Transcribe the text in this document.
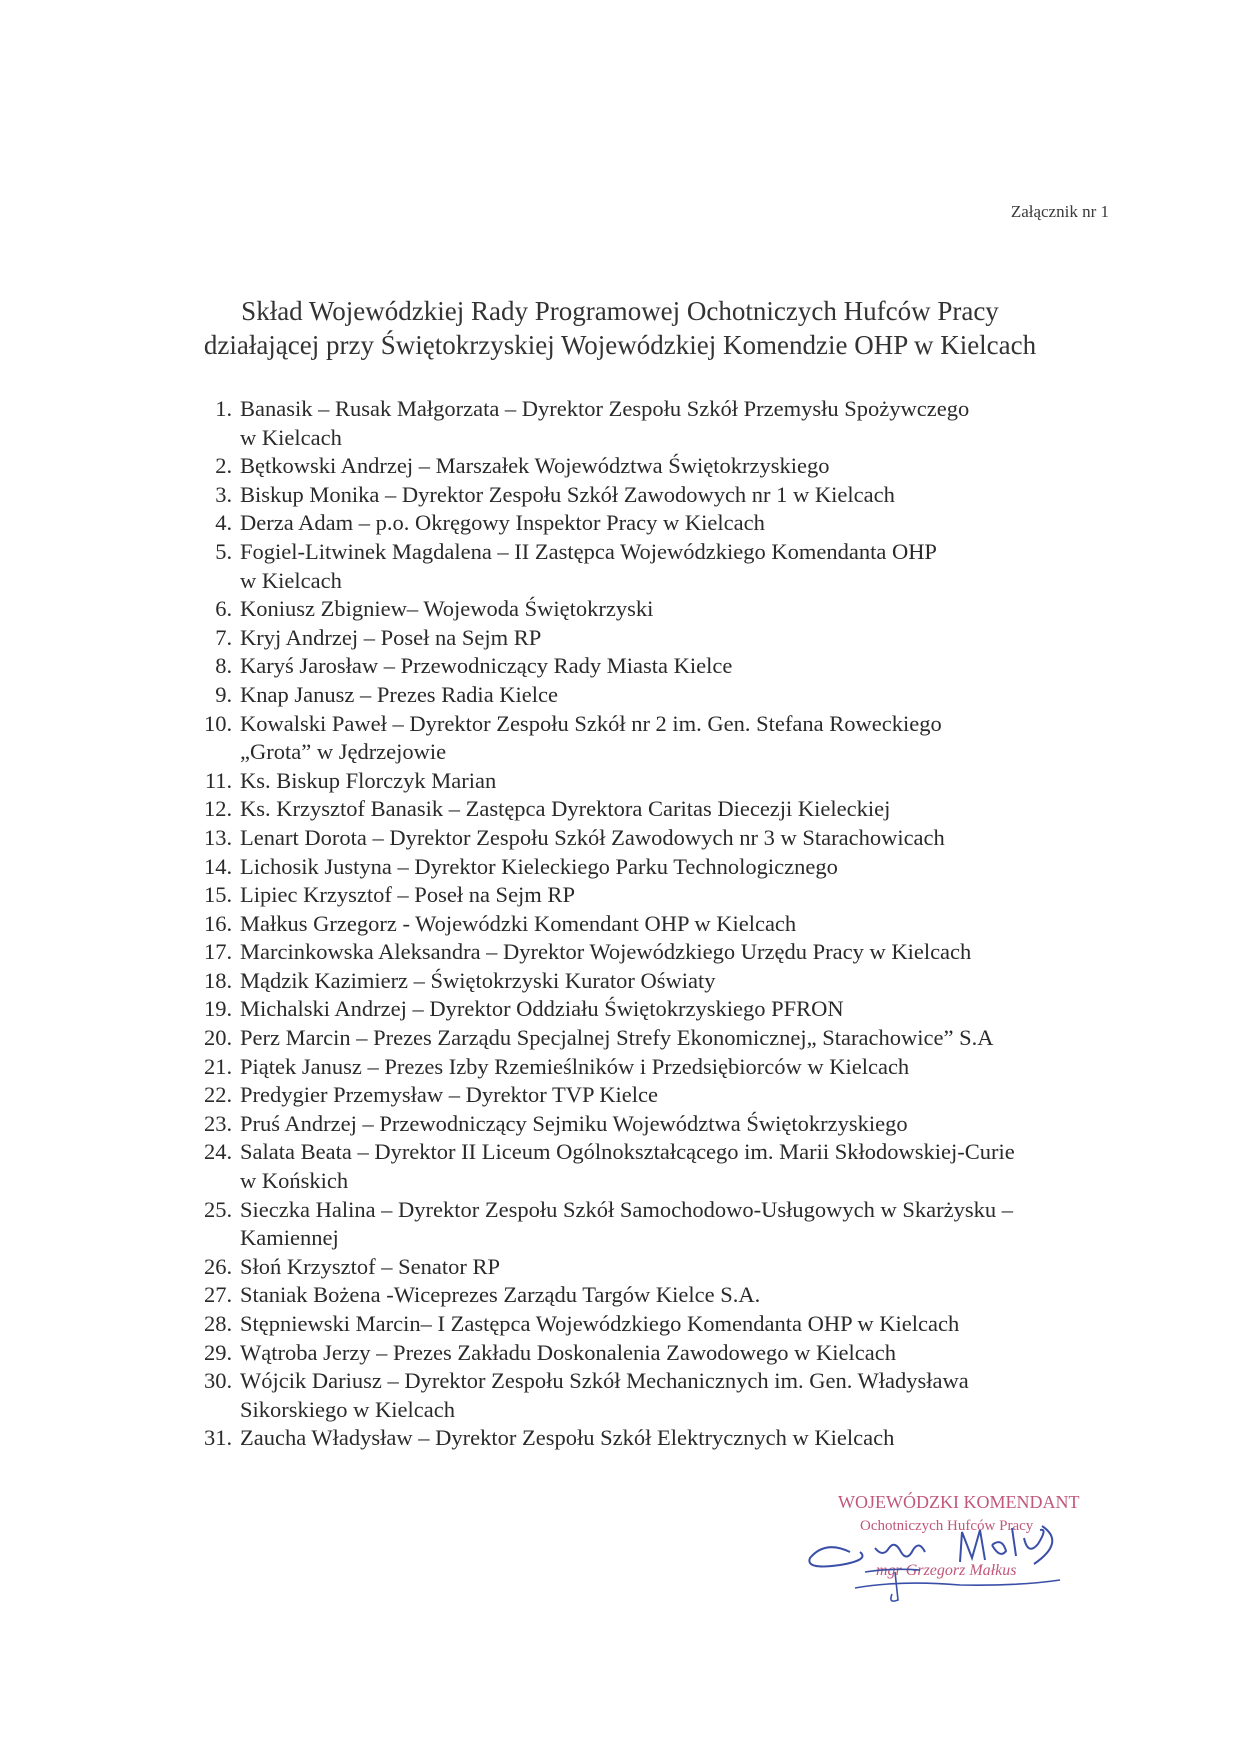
Załącznik nr 1
Skład Wojewódzkiej Rady Programowej Ochotniczych Hufców Pracy
działającej przy Świętokrzyskiej Wojewódzkiej Komendzie OHP w Kielcach
1. Banasik – Rusak Małgorzata – Dyrektor Zespołu Szkół Przemysłu Spożywczego
w Kielcach
2. Bętkowski Andrzej – Marszałek Województwa Świętokrzyskiego
3. Biskup Monika – Dyrektor Zespołu Szkół Zawodowych nr 1 w Kielcach
4. Derza Adam – p.o. Okręgowy Inspektor Pracy w Kielcach
5. Fogiel-Litwinek Magdalena – II Zastępca Wojewódzkiego Komendanta OHP
w Kielcach
6. Koniusz Zbigniew– Wojewoda Świętokrzyski
7. Kryj Andrzej – Poseł na Sejm RP
8. Karyś Jarosław – Przewodniczący Rady Miasta Kielce
9. Knap Janusz – Prezes Radia Kielce
10. Kowalski Paweł – Dyrektor Zespołu Szkół nr 2 im. Gen. Stefana Roweckiego
„Grota” w Jędrzejowie
11. Ks. Biskup Florczyk Marian
12. Ks. Krzysztof Banasik – Zastępca Dyrektora Caritas Diecezji Kieleckiej
13. Lenart Dorota – Dyrektor Zespołu Szkół Zawodowych nr 3 w Starachowicach
14. Lichosik Justyna – Dyrektor Kieleckiego Parku Technologicznego
15. Lipiec Krzysztof – Poseł na Sejm RP
16. Małkus Grzegorz - Wojewódzki Komendant OHP w Kielcach
17. Marcinkowska Aleksandra – Dyrektor Wojewódzkiego Urzędu Pracy w Kielcach
18. Mądzik Kazimierz – Świętokrzyski Kurator Oświaty
19. Michalski Andrzej – Dyrektor Oddziału Świętokrzyskiego PFRON
20. Perz Marcin – Prezes Zarządu Specjalnej Strefy Ekonomicznej„ Starachowice” S.A
21. Piątek Janusz – Prezes Izby Rzemieślników i Przedsiębiorców w Kielcach
22. Predygier Przemysław – Dyrektor TVP Kielce
23. Pruś Andrzej – Przewodniczący Sejmiku Województwa Świętokrzyskiego
24. Salata Beata – Dyrektor II Liceum Ogólnokształcącego im. Marii Skłodowskiej-Curie
w Końskich
25. Sieczka Halina – Dyrektor Zespołu Szkół Samochodowo-Usługowych w Skarżysku –
Kamiennej
26. Słoń Krzysztof – Senator RP
27. Staniak Bożena -Wiceprezes Zarządu Targów Kielce S.A.
28. Stępniewski Marcin– I Zastępca Wojewódzkiego Komendanta OHP w Kielcach
29. Wątroba Jerzy – Prezes Zakładu Doskonalenia Zawodowego w Kielcach
30. Wójcik Dariusz – Dyrektor Zespołu Szkół Mechanicznych im. Gen. Władysława
Sikorskiego w Kielcach
31. Zaucha Władysław – Dyrektor Zespołu Szkół Elektrycznych w Kielcach
WOJEWÓDZKI KOMENDANT
Ochotniczych Hufców Pracy
mgr Grzegorz Małkus
